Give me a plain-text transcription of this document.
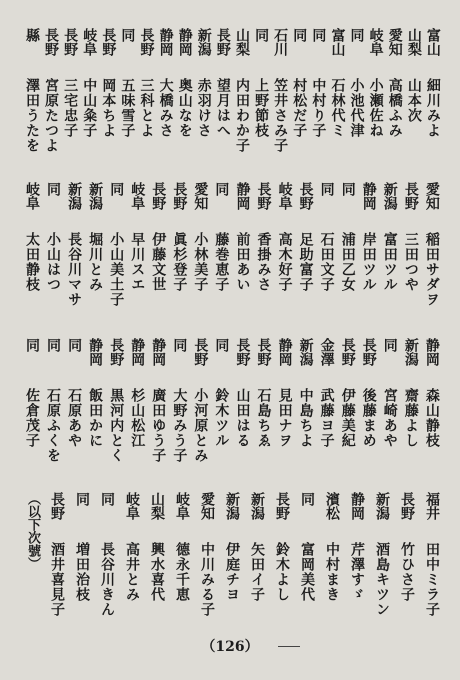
富山
細川みよ
山梨
山本次
愛知
高橋ふみ
岐阜
小瀬佐ね
同
小池代津
富山
石林代ミ
同
中村り子
同
村松だ子
石川
笠井さみ子
同
上野節枝
山梨
内田わか子
長野
望月はへ
新潟
赤羽けさ
静岡
奥山なを
静岡
大橋みさ
長野
三科とよ
同
五味雪子
長野
岡本ちよ
岐阜
中山粂子
長野
三宅忠子
長野
宮原たつよ
縣
澤田うたを
愛知
稲田サダヲ
長野
三田つや
新潟
富田ツル
静岡
岸田ツル
同
浦田乙女
同
石田文子
長野
足助富子
岐阜
高木好子
長野
香掛みさ
静岡
前田あい
同
藤巻恵子
愛知
小林美子
長野
眞杉登子
長野
伊藤文世
岐阜
早川スエ
同
小山美土子
新潟
堀川とみ
新潟
長谷川マサ
同
小山はつ
岐阜
太田静枝
静岡
森山静枝
新潟
齋藤よし
同
宮崎あや
長野
後藤まめ
長野
伊藤美紀
金澤
武藤ヨ子
新潟
中島ちよ
静岡
見田ナヲ
長野
石島ちゑ
長野
山田はる
同
鈴木ツル
長野
小河原とみ
同
大野みう子
静岡
廣田ゆう子
静岡
杉山松江
長野
黒河内とく
静岡
飯田かに
同
石原あや
同
石原ふくを
同
佐倉茂子
福井
田中ミラ子
長野
竹ひさ子
新潟
酒島キツン
静岡
芹澤すゞ
濱松
中村まき
同
富岡美代
長野
鈴木よし
新潟
矢田イ子
新潟
伊庭チヨ
愛知
中川みる子
岐阜
德永千恵
山梨
興水喜代
岐阜
高井とみ
同
長谷川きん
同
増田治枝
長野
酒井喜見子
（以下次號）
（126）
